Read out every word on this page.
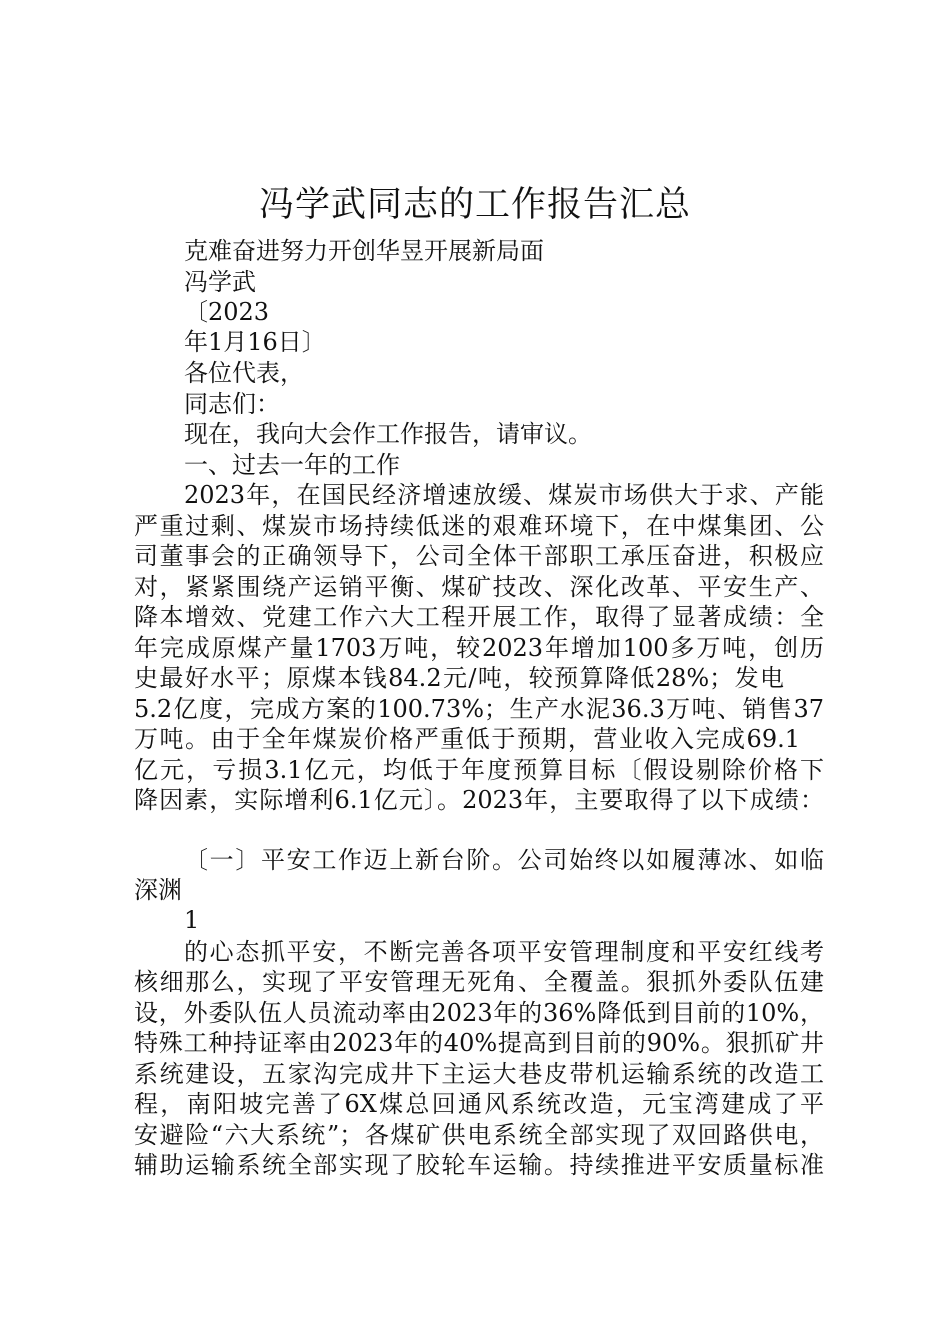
冯学武同志的工作报告汇总
克难奋进努力开创华昱开展新局面
冯学武
〔2023
年1月16日〕
各位代表，
同志们：
现在，我向大会作工作报告，请审议。
一、过去一年的工作
2023年，在国民经济增速放缓、煤炭市场供大于求、产能
严重过剩、煤炭市场持续低迷的艰难环境下，在中煤集团、公
司董事会的正确领导下，公司全体干部职工承压奋进，积极应
对，紧紧围绕产运销平衡、煤矿技改、深化改革、平安生产、
降本增效、党建工作六大工程开展工作，取得了显著成绩：全
年完成原煤产量1703万吨，较2023年增加100多万吨，创历
史最好水平；原煤本钱84.2元/吨，较预算降低28%；发电
5.2亿度，完成方案的100.73%；生产水泥36.3万吨、销售37
万吨。由于全年煤炭价格严重低于预期，营业收入完成69.1
亿元，亏损3.1亿元，均低于年度预算目标〔假设剔除价格下
降因素，实际增利6.1亿元〕。2023年，主要取得了以下成绩：
〔一〕平安工作迈上新台阶。公司始终以如履薄冰、如临
深渊
1
的心态抓平安，不断完善各项平安管理制度和平安红线考
核细那么，实现了平安管理无死角、全覆盖。狠抓外委队伍建
设，外委队伍人员流动率由2023年的36%降低到目前的10%，
特殊工种持证率由2023年的40%提高到目前的90%。狠抓矿井
系统建设，五家沟完成井下主运大巷皮带机运输系统的改造工
程，南阳坡完善了6X煤总回通风系统改造，元宝湾建成了平
安避险“六大系统”；各煤矿供电系统全部实现了双回路供电，
辅助运输系统全部实现了胶轮车运输。持续推进平安质量标准
